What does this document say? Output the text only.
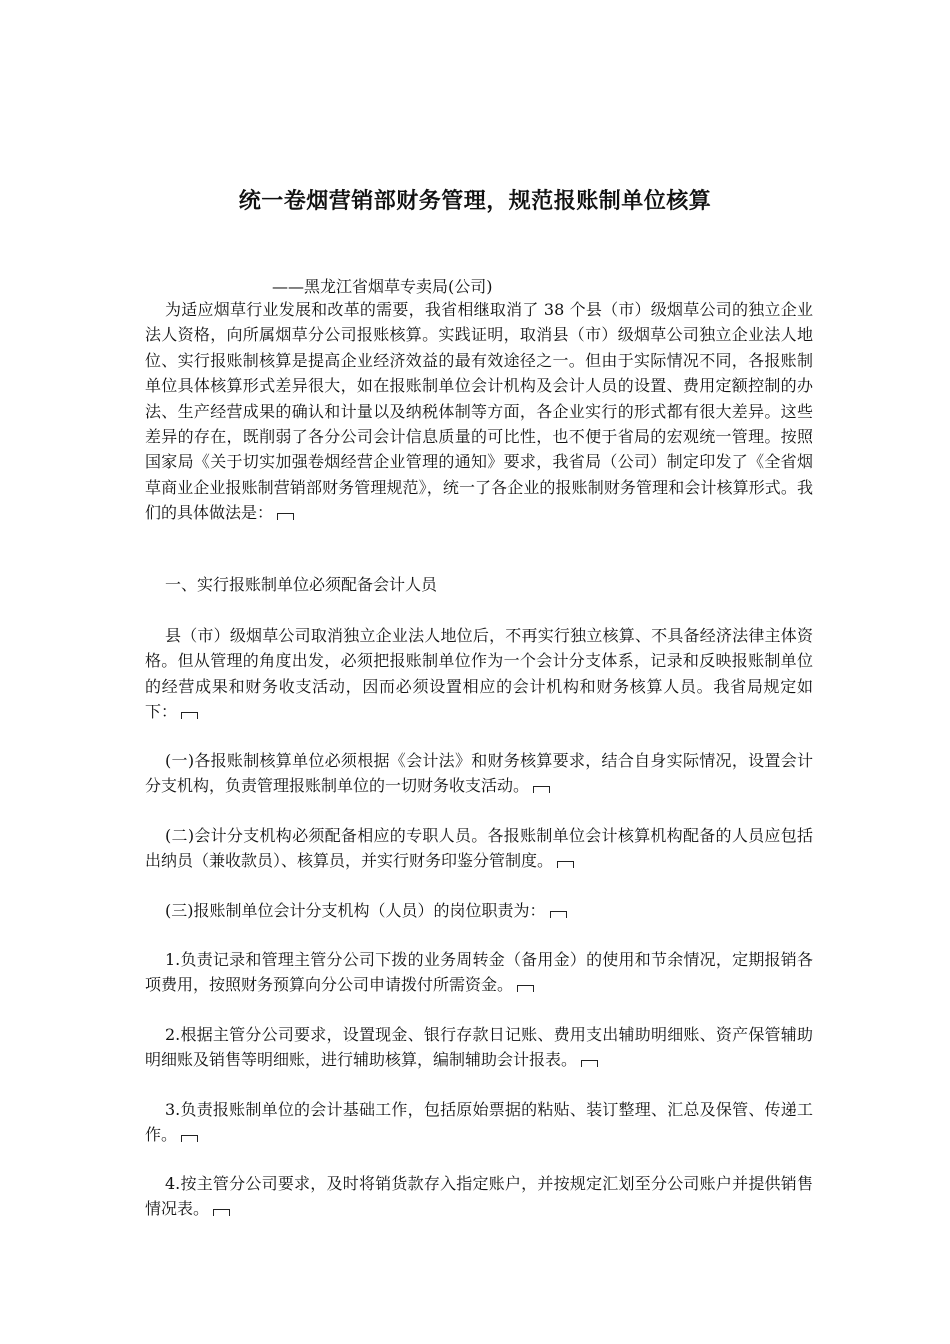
统一卷烟营销部财务管理，规范报账制单位核算
——黑龙江省烟草专卖局(公司)

为适应烟草行业发展和改革的需要，我省相继取消了 38 个县（市）级烟草公司的独立企业法人资格，向所属烟草分公司报账核算。实践证明，取消县（市）级烟草公司独立企业法人地位、实行报账制核算是提高企业经济效益的最有效途径之一。但由于实际情况不同，各报账制单位具体核算形式差异很大，如在报账制单位会计机构及会计人员的设置、费用定额控制的办法、生产经营成果的确认和计量以及纳税体制等方面，各企业实行的形式都有很大差异。这些差异的存在，既削弱了各分公司会计信息质量的可比性，也不便于省局的宏观统一管理。按照国家局《关于切实加强卷烟经营企业管理的通知》要求，我省局（公司）制定印发了《全省烟草商业企业报账制营销部财务管理规范》，统一了各企业的报账制财务管理和会计核算形式。我们的具体做法是：

一、实行报账制单位必须配备会计人员

县（市）级烟草公司取消独立企业法人地位后，不再实行独立核算、不具备经济法律主体资格。但从管理的角度出发，必须把报账制单位作为一个会计分支体系，记录和反映报账制单位的经营成果和财务收支活动，因而必须设置相应的会计机构和财务核算人员。我省局规定如下：

(一)各报账制核算单位必须根据《会计法》和财务核算要求，结合自身实际情况，设置会计分支机构，负责管理报账制单位的一切财务收支活动。

(二)会计分支机构必须配备相应的专职人员。各报账制单位会计核算机构配备的人员应包括出纳员（兼收款员）、核算员，并实行财务印鉴分管制度。

(三)报账制单位会计分支机构（人员）的岗位职责为：

1.负责记录和管理主管分公司下拨的业务周转金（备用金）的使用和节余情况，定期报销各项费用，按照财务预算向分公司申请拨付所需资金。

2.根据主管分公司要求，设置现金、银行存款日记账、费用支出辅助明细账、资产保管辅助明细账及销售等明细账，进行辅助核算，编制辅助会计报表。

3.负责报账制单位的会计基础工作，包括原始票据的粘贴、装订整理、汇总及保管、传递工作。

4.按主管分公司要求，及时将销货款存入指定账户，并按规定汇划至分公司账户并提供销售情况表。
